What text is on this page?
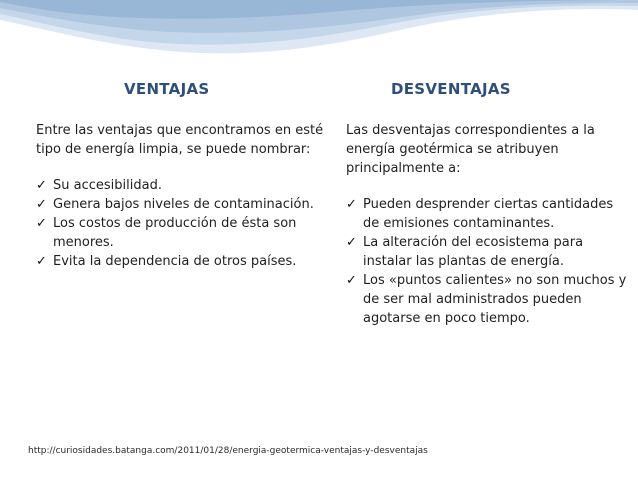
VENTAJAS	DESVENTAJAS

Entre las ventajas que encontramos en esté tipo de energía limpia, se puede nombrar:

✓ Su accesibilidad.
✓ Genera bajos niveles de contaminación.
✓ Los costos de producción de ésta son menores.
✓ Evita la dependencia de otros países.

Las desventajas correspondientes a la energía geotérmica se atribuyen principalmente a:

✓ Pueden desprender ciertas cantidades de emisiones contaminantes.
✓ La alteración del ecosistema para instalar las plantas de energía.
✓ Los «puntos calientes» no son muchos y de ser mal administrados pueden agotarse en poco tiempo.
http://curiosidades.batanga.com/2011/01/28/energia-geotermica-ventajas-y-desventajas
